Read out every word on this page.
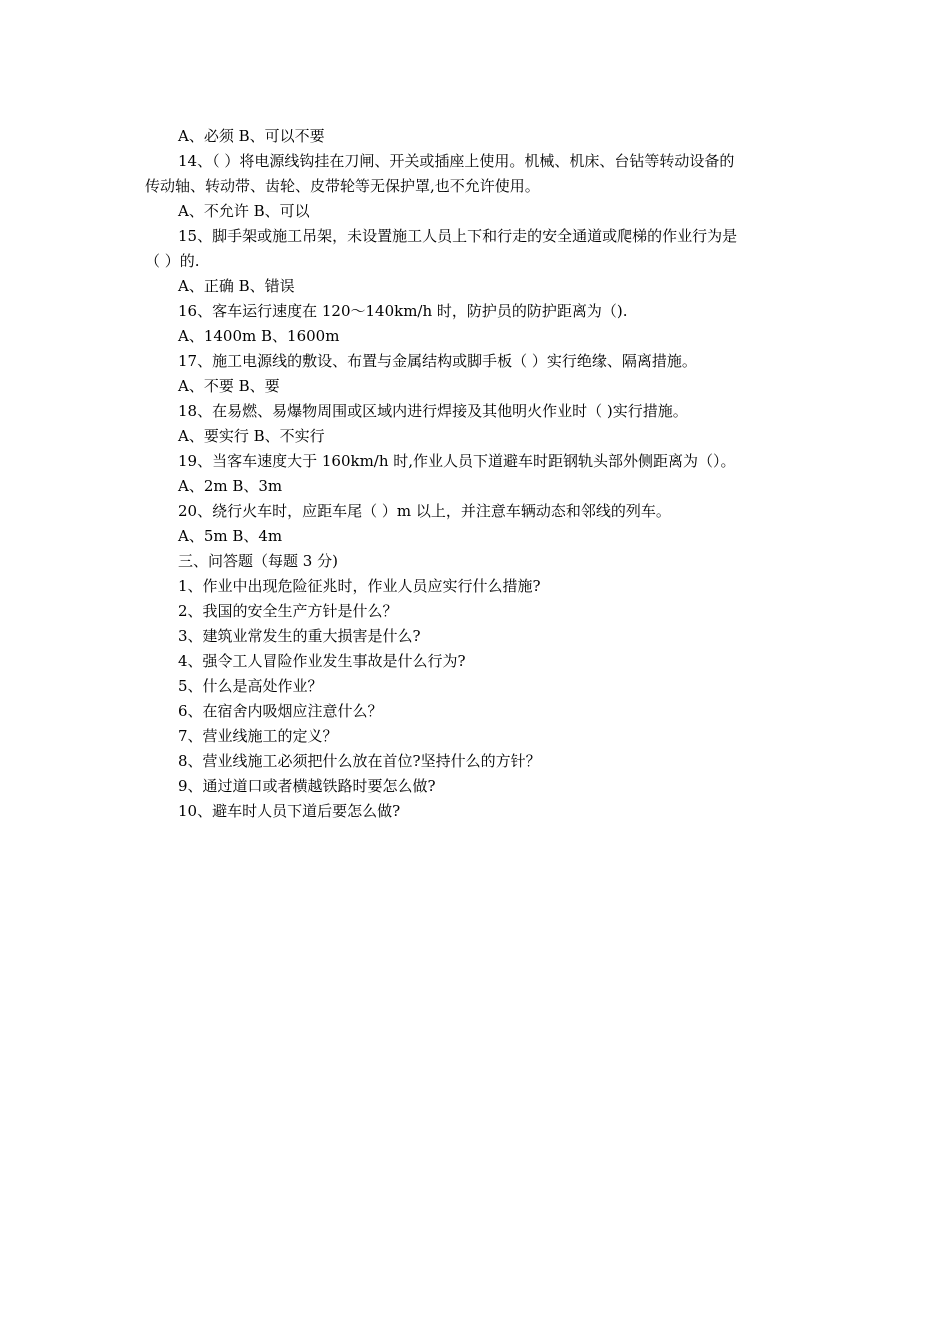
A、必须 B、可以不要

14、（ ）将电源线钩挂在刀闸、开关或插座上使用。机械、机床、台钻等转动设备的

传动轴、转动带、齿轮、皮带轮等无保护罩,也不允许使用。

A、不允许 B、可以

15、脚手架或施工吊架，未设置施工人员上下和行走的安全通道或爬梯的作业行为是

（ ）的.

A、正确 B、错误

16、客车运行速度在 120～140km/h 时，防护员的防护距离为（).

A、1400m B、1600m

17、施工电源线的敷设、布置与金属结构或脚手板（ ）实行绝缘、隔离措施。

A、不要 B、要

18、在易燃、易爆物周围或区域内进行焊接及其他明火作业时（ )实行措施。

A、要实行 B、不实行

19、当客车速度大于 160km/h 时,作业人员下道避车时距钢轨头部外侧距离为（）。

A、2m B、3m

20、绕行火车时，应距车尾（ ）m 以上，并注意车辆动态和邻线的列车。

A、5m B、4m

三、问答题（每题 3 分)

1、作业中出现危险征兆时，作业人员应实行什么措施?

2、我国的安全生产方针是什么？

3、建筑业常发生的重大损害是什么?

4、强令工人冒险作业发生事故是什么行为?

5、什么是高处作业？

6、在宿舍内吸烟应注意什么？

7、营业线施工的定义？

8、营业线施工必须把什么放在首位?坚持什么的方针？

9、通过道口或者横越铁路时要怎么做?

10、避车时人员下道后要怎么做?
